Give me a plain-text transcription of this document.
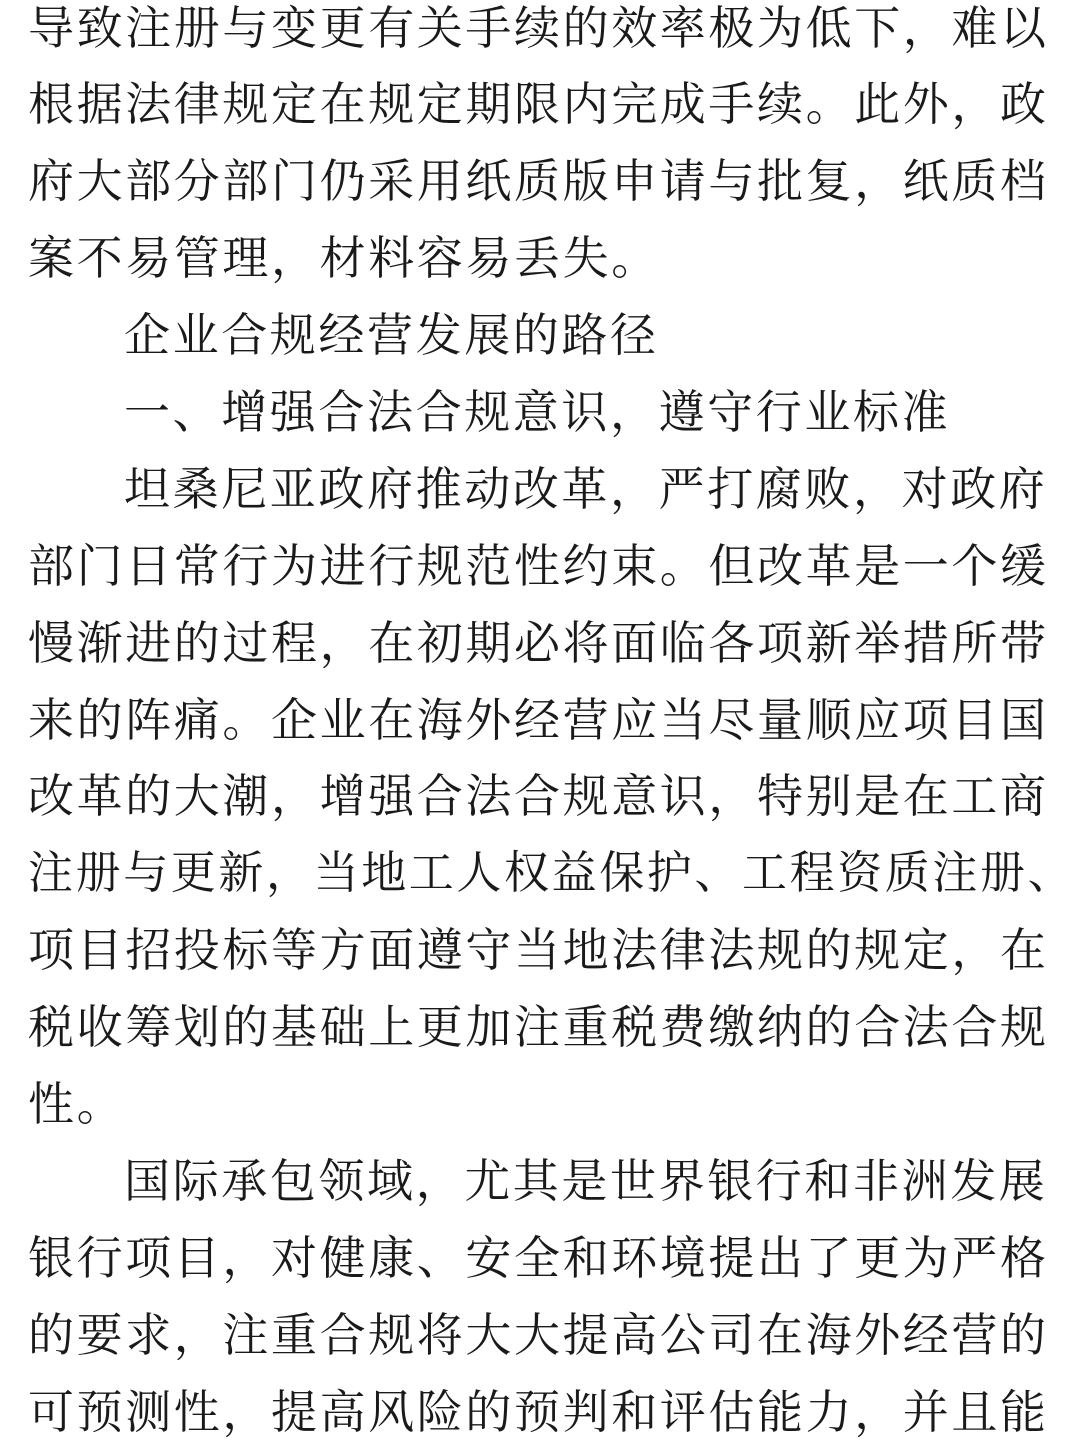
导致注册与变更有关手续的效率极为低下，难以
根据法律规定在规定期限内完成手续。此外，政
府大部分部门仍采用纸质版申请与批复，纸质档
案不易管理，材料容易丢失。
企业合规经营发展的路径
一、增强合法合规意识，遵守行业标准
坦桑尼亚政府推动改革，严打腐败，对政府
部门日常行为进行规范性约束。但改革是一个缓
慢渐进的过程，在初期必将面临各项新举措所带
来的阵痛。企业在海外经营应当尽量顺应项目国
改革的大潮，增强合法合规意识，特别是在工商
注册与更新，当地工人权益保护、工程资质注册、
项目招投标等方面遵守当地法律法规的规定，在
税收筹划的基础上更加注重税费缴纳的合法合规
性。
国际承包领域，尤其是世界银行和非洲发展
银行项目，对健康、安全和环境提出了更为严格
的要求，注重合规将大大提高公司在海外经营的
可预测性，提高风险的预判和评估能力，并且能
